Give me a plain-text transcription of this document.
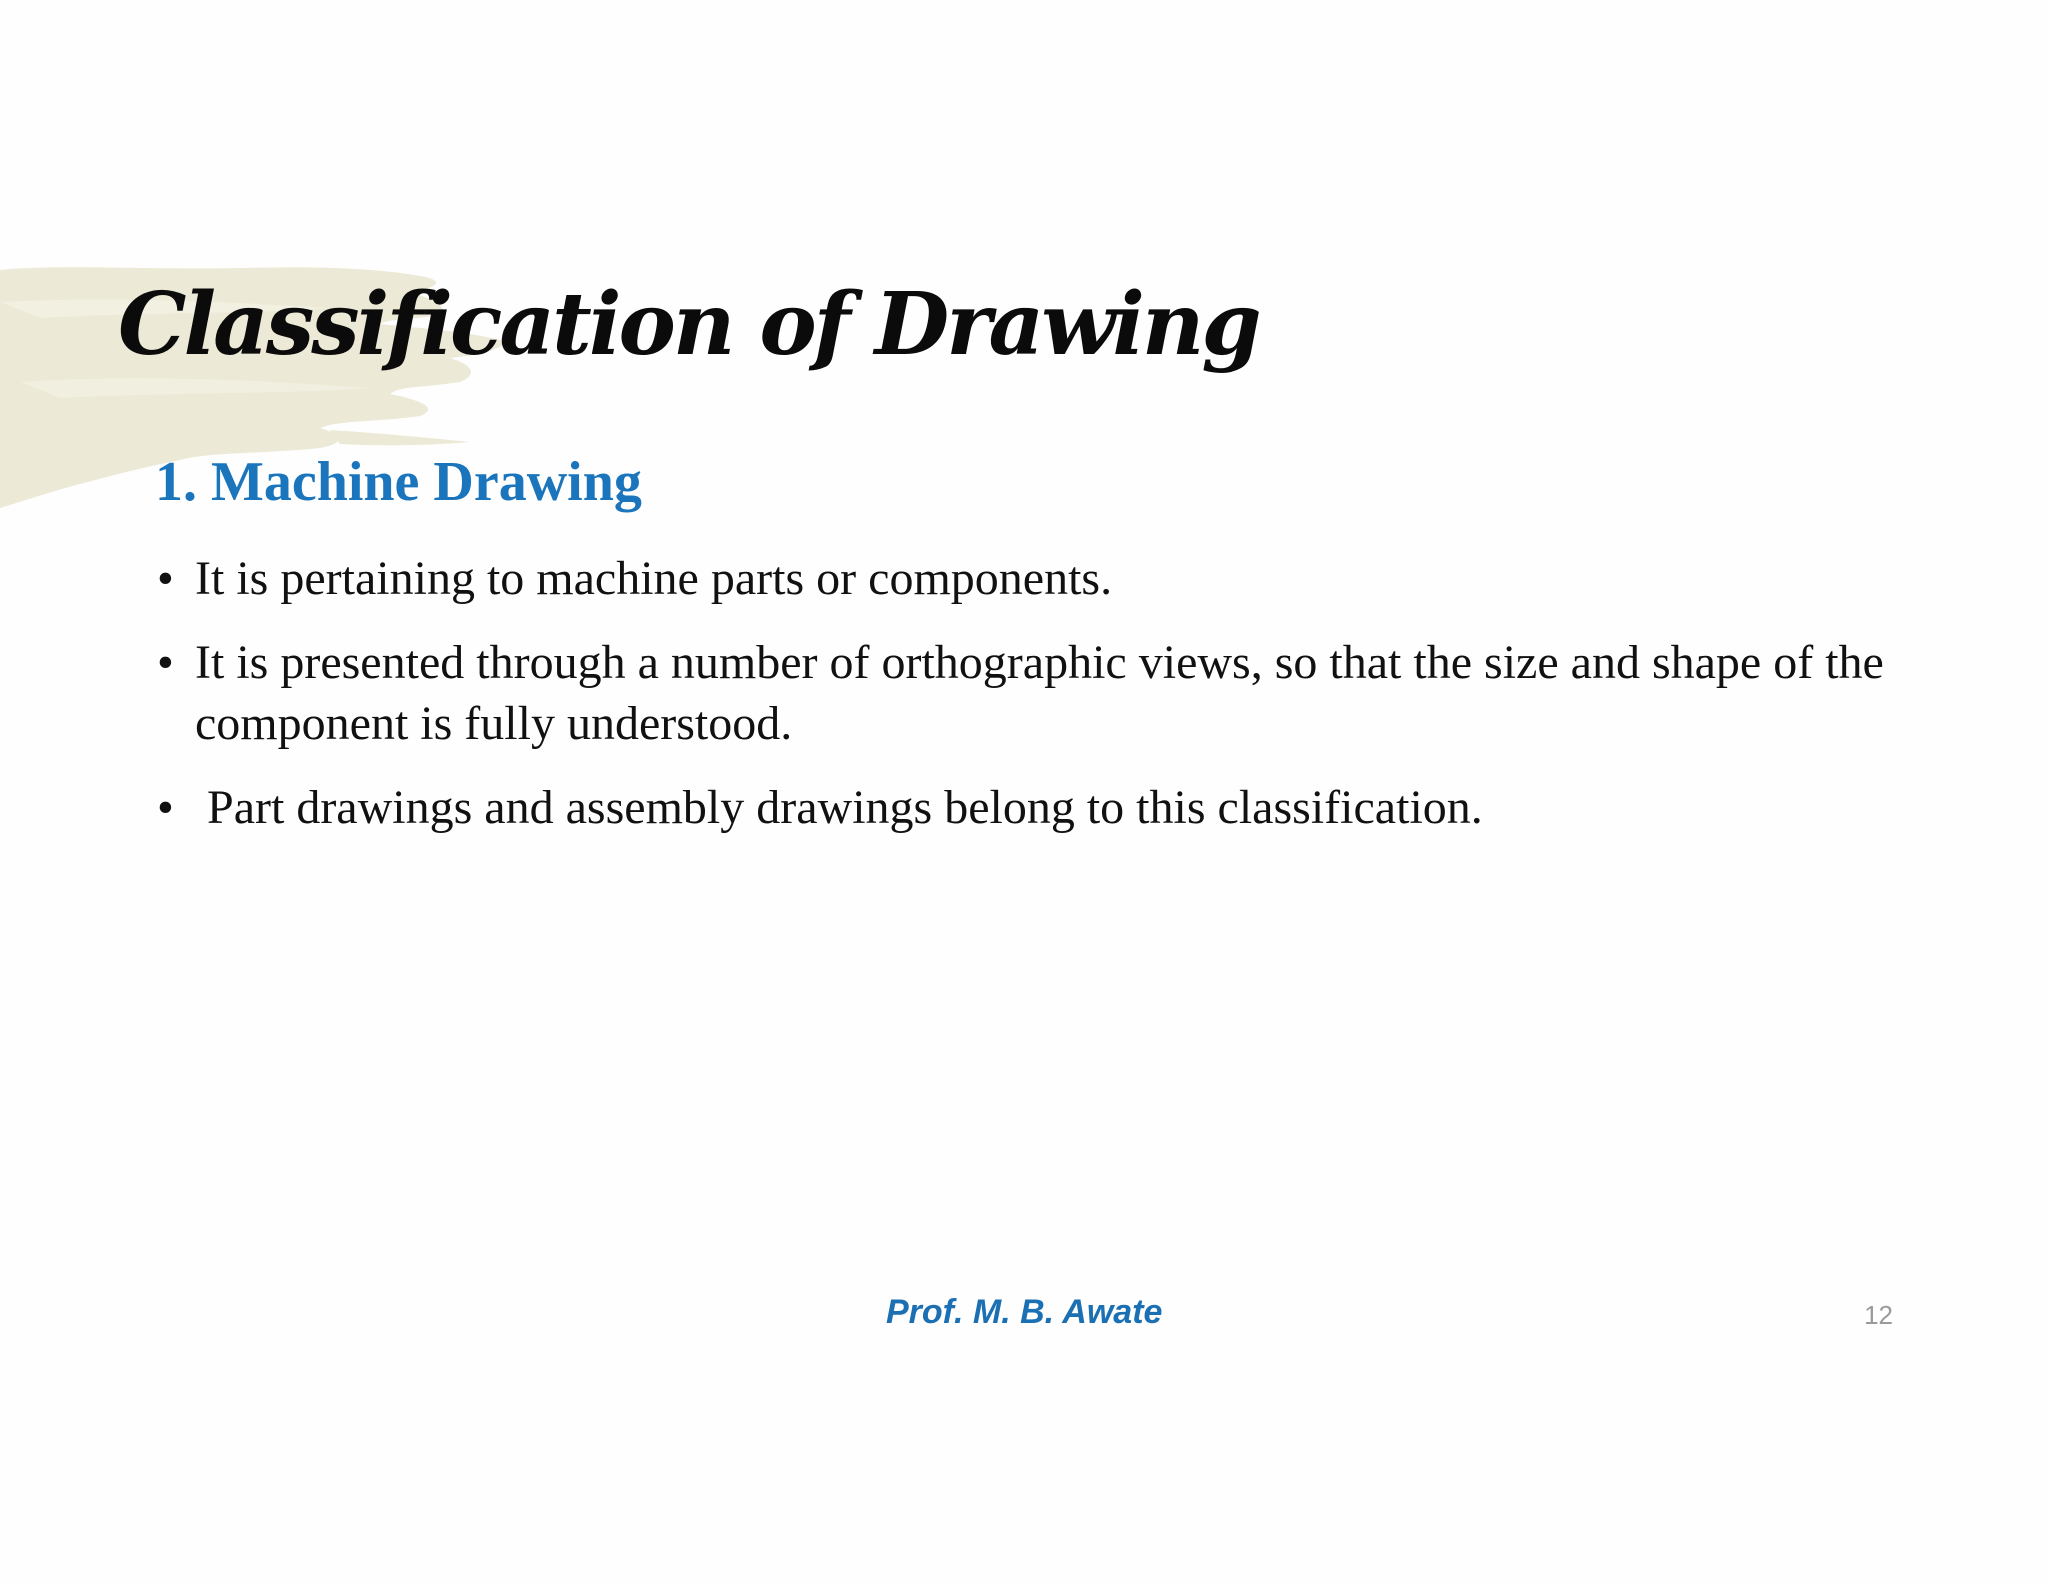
Classification of Drawing
1. Machine Drawing
• It is pertaining to machine parts or components.
• It is presented through a number of orthographic views, so that the size and shape of the component is fully understood.
• Part drawings and assembly drawings belong to this classification.
Prof. M. B. Awate	12
